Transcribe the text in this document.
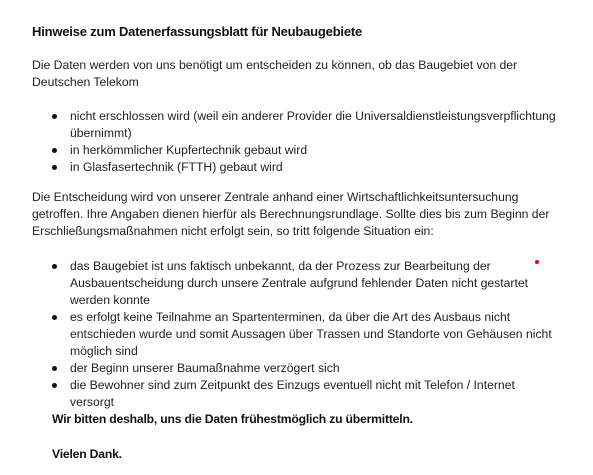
Hinweise zum Datenerfassungsblatt für Neubaugebiete
Die Daten werden von uns benötigt um entscheiden zu können, ob das Baugebiet von der Deutschen Telekom
nicht erschlossen wird (weil ein anderer Provider die Universaldienstleistungsverpflichtung übernimmt)
in herkömmlicher Kupfertechnik gebaut wird
in Glasfasertechnik (FTTH) gebaut wird
Die Entscheidung wird von unserer Zentrale anhand einer Wirtschaftlichkeitsuntersuchung getroffen. Ihre Angaben dienen hierfür als Berechnungsrundlage. Sollte dies bis zum Beginn der Erschließungsmaßnahmen nicht erfolgt sein, so tritt folgende Situation ein:
das Baugebiet ist uns faktisch unbekannt, da der Prozess zur Bearbeitung der Ausbauentscheidung durch unsere Zentrale aufgrund fehlender Daten nicht gestartet werden konnte
es erfolgt keine Teilnahme an Spartenterminen, da über die Art des Ausbaus nicht entschieden wurde und somit Aussagen über Trassen und Standorte von Gehäusen nicht möglich sind
der Beginn unserer Baumaßnahme verzögert sich
die Bewohner sind zum Zeitpunkt des Einzugs eventuell nicht mit Telefon / Internet versorgt
Wir bitten deshalb, uns die Daten frühestmöglich zu übermitteln.
Vielen Dank.
